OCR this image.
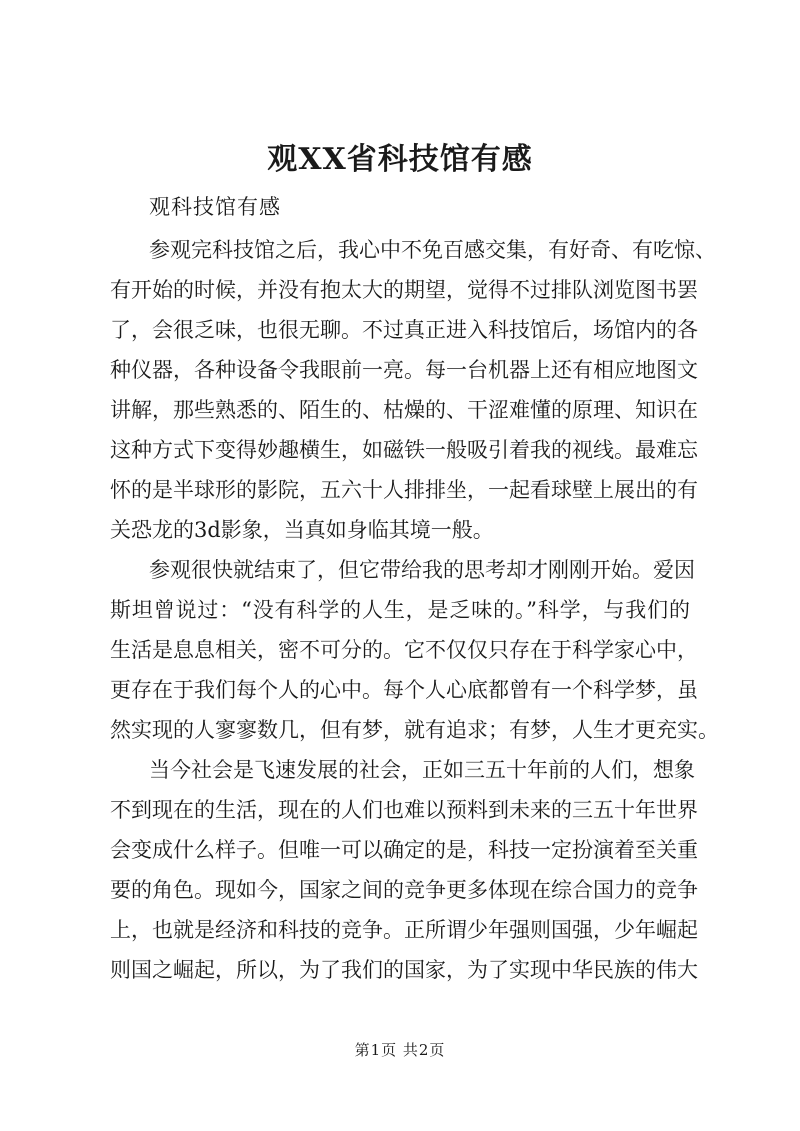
观XX省科技馆有感
观科技馆有感
参观完科技馆之后，我心中不免百感交集，有好奇、有吃惊、
有开始的时候，并没有抱太大的期望，觉得不过排队浏览图书罢
了，会很乏味，也很无聊。不过真正进入科技馆后，场馆内的各
种仪器，各种设备令我眼前一亮。每一台机器上还有相应地图文
讲解，那些熟悉的、陌生的、枯燥的、干涩难懂的原理、知识在
这种方式下变得妙趣横生，如磁铁一般吸引着我的视线。最难忘
怀的是半球形的影院，五六十人排排坐，一起看球壁上展出的有
关恐龙的3d影象，当真如身临其境一般。
参观很快就结束了，但它带给我的思考却才刚刚开始。爱因
斯坦曾说过：“没有科学的人生，是乏味的。”科学，与我们的
生活是息息相关，密不可分的。它不仅仅只存在于科学家心中，
更存在于我们每个人的心中。每个人心底都曾有一个科学梦，虽
然实现的人寥寥数几，但有梦，就有追求；有梦，人生才更充实。
当今社会是飞速发展的社会，正如三五十年前的人们，想象
不到现在的生活，现在的人们也难以预料到未来的三五十年世界
会变成什么样子。但唯一可以确定的是，科技一定扮演着至关重
要的角色。现如今，国家之间的竞争更多体现在综合国力的竞争
上，也就是经济和科技的竞争。正所谓少年强则国强，少年崛起
则国之崛起，所以，为了我们的国家，为了实现中华民族的伟大
第1页 共2页
